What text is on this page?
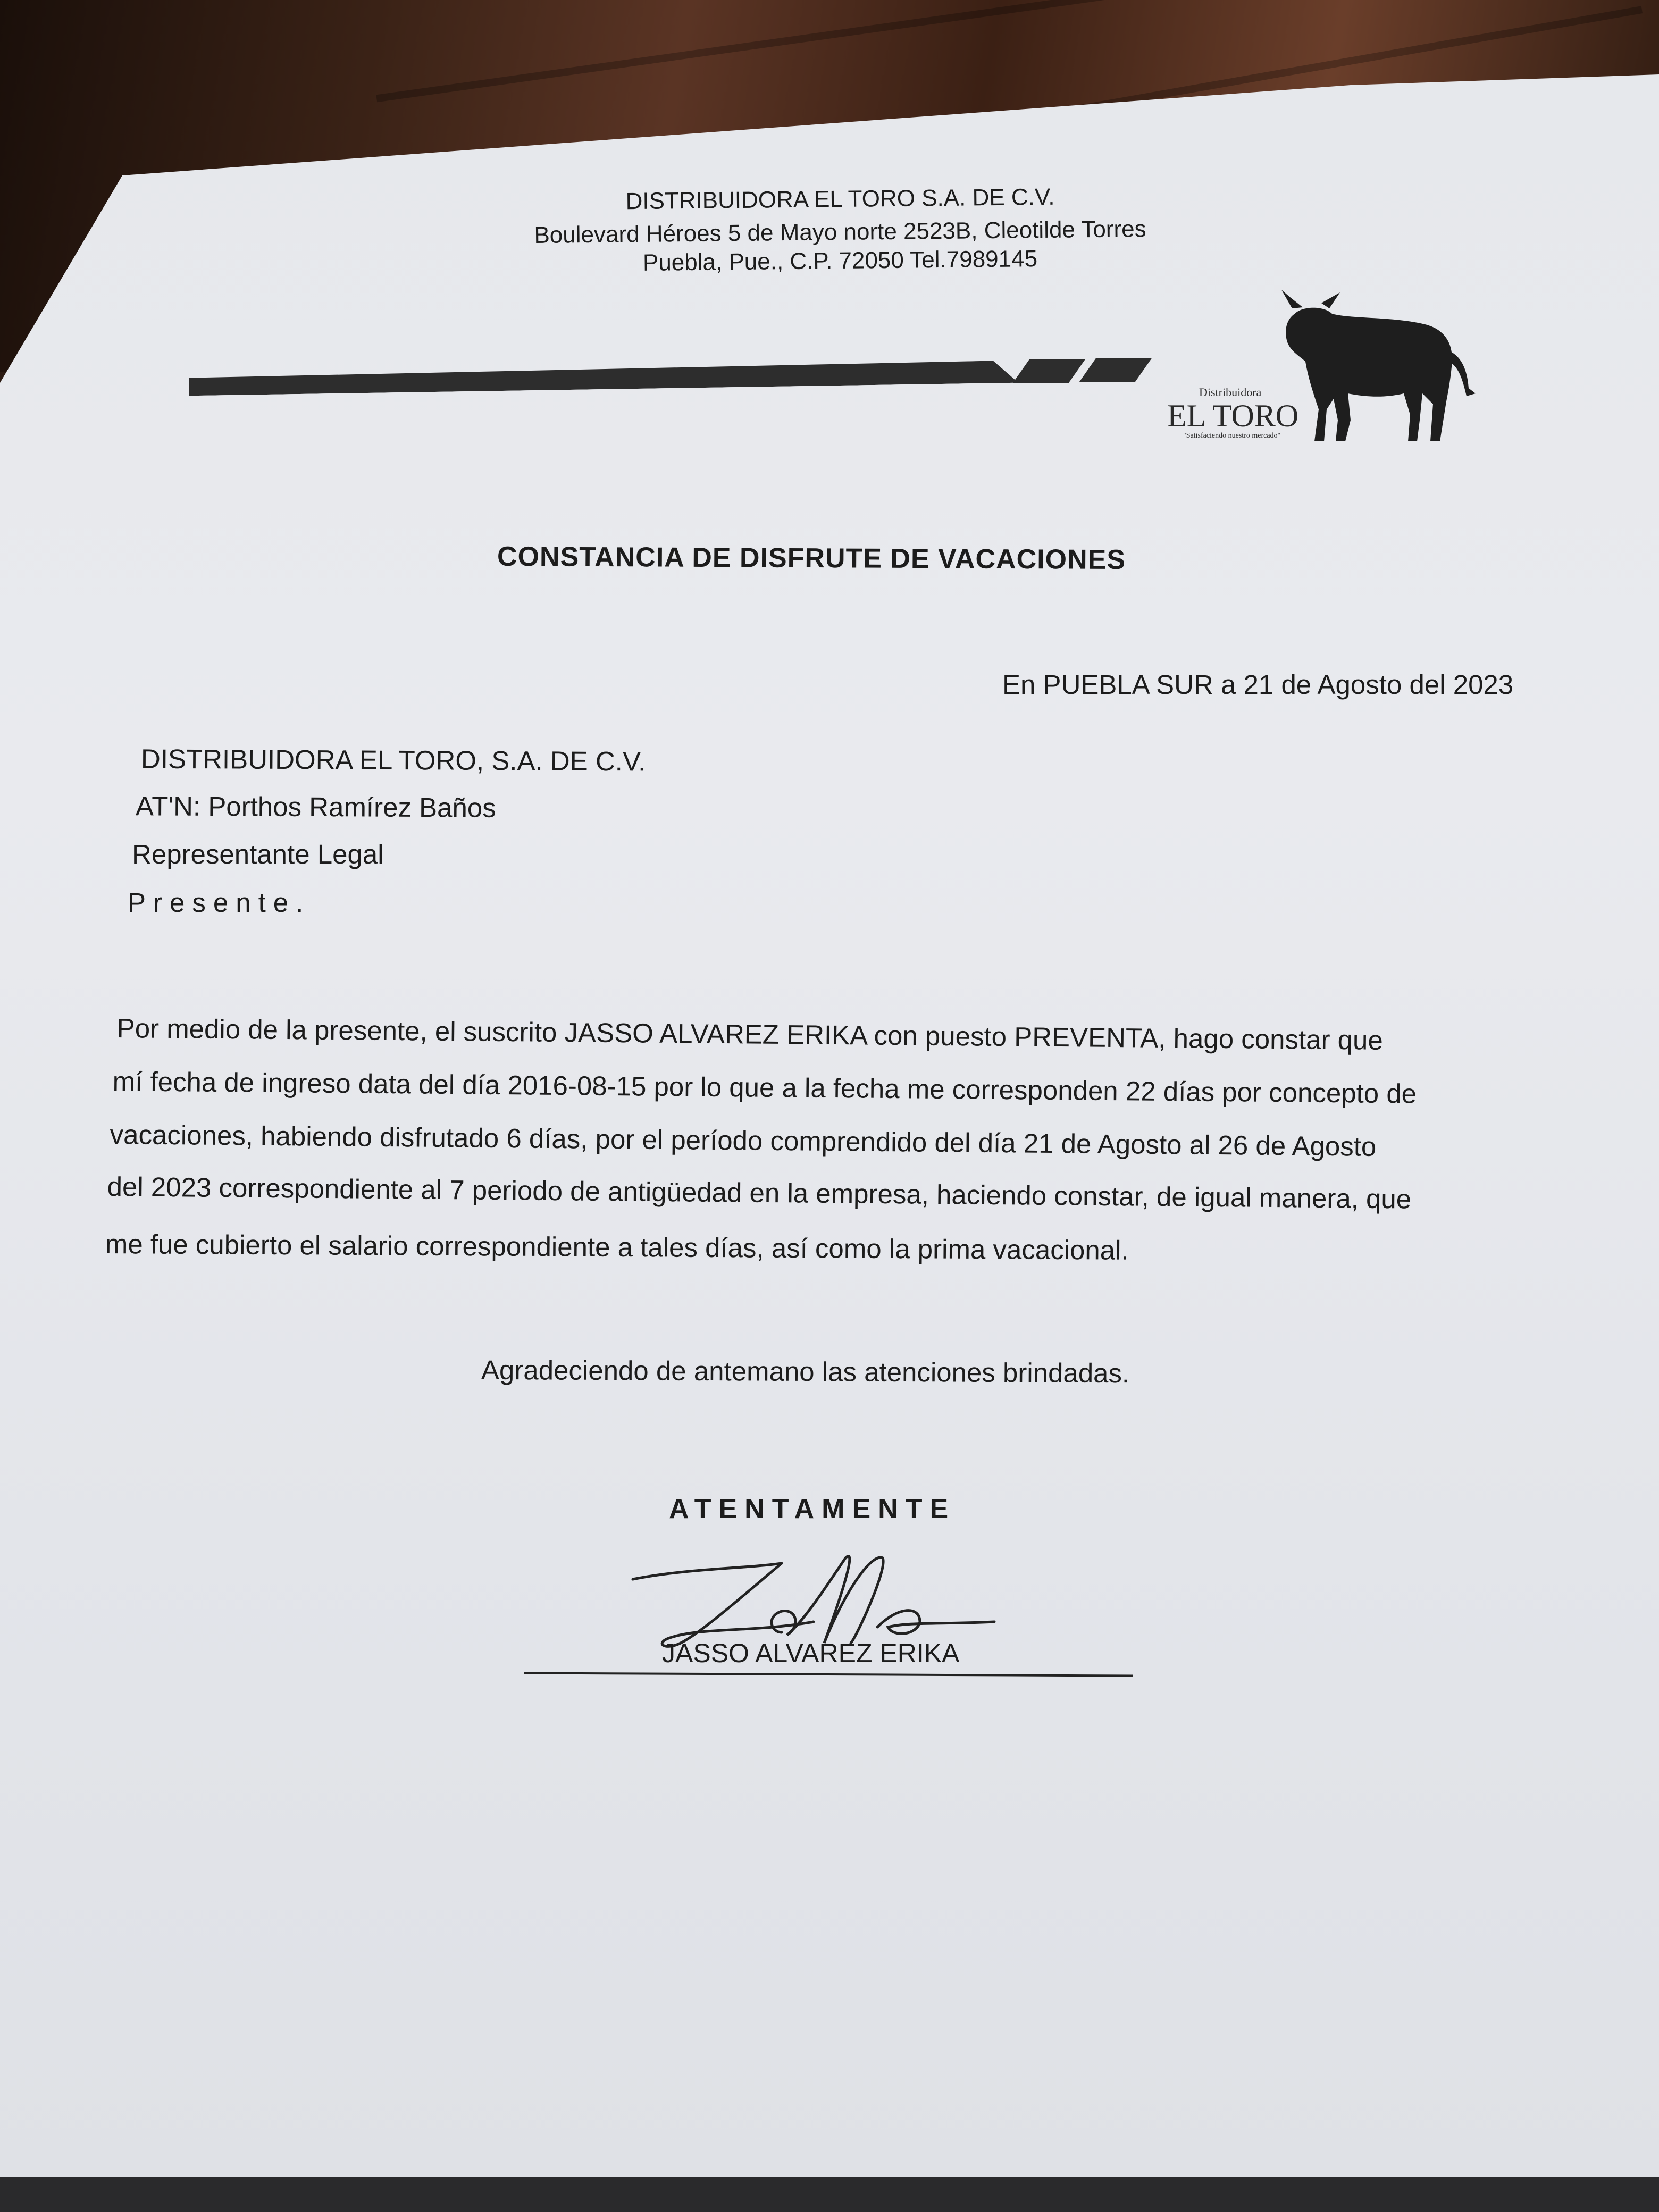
DISTRIBUIDORA EL TORO S.A. DE C.V.
Boulevard Héroes 5 de Mayo norte 2523B, Cleotilde Torres
Puebla, Pue., C.P. 72050 Tel.7989145
Distribuidora
EL TORO
"Satisfaciendo nuestro mercado"
CONSTANCIA DE DISFRUTE DE VACACIONES
En PUEBLA SUR a 21 de Agosto del 2023
DISTRIBUIDORA EL TORO, S.A. DE C.V.
AT'N: Porthos Ramírez Baños
Representante Legal
Presente.
Por medio de la presente, el suscrito JASSO ALVAREZ ERIKA con puesto PREVENTA, hago constar que
mí fecha de ingreso data del día 2016-08-15 por lo que a la fecha me corresponden 22 días por concepto de
vacaciones, habiendo disfrutado 6 días, por el período comprendido del día 21 de Agosto al 26 de Agosto
del 2023 correspondiente al 7 periodo de antigüedad en la empresa, haciendo constar, de igual manera, que
me fue cubierto el salario correspondiente a tales días, así como la prima vacacional.
Agradeciendo de antemano las atenciones brindadas.
ATENTAMENTE
JASSO ALVAREZ ERIKA
